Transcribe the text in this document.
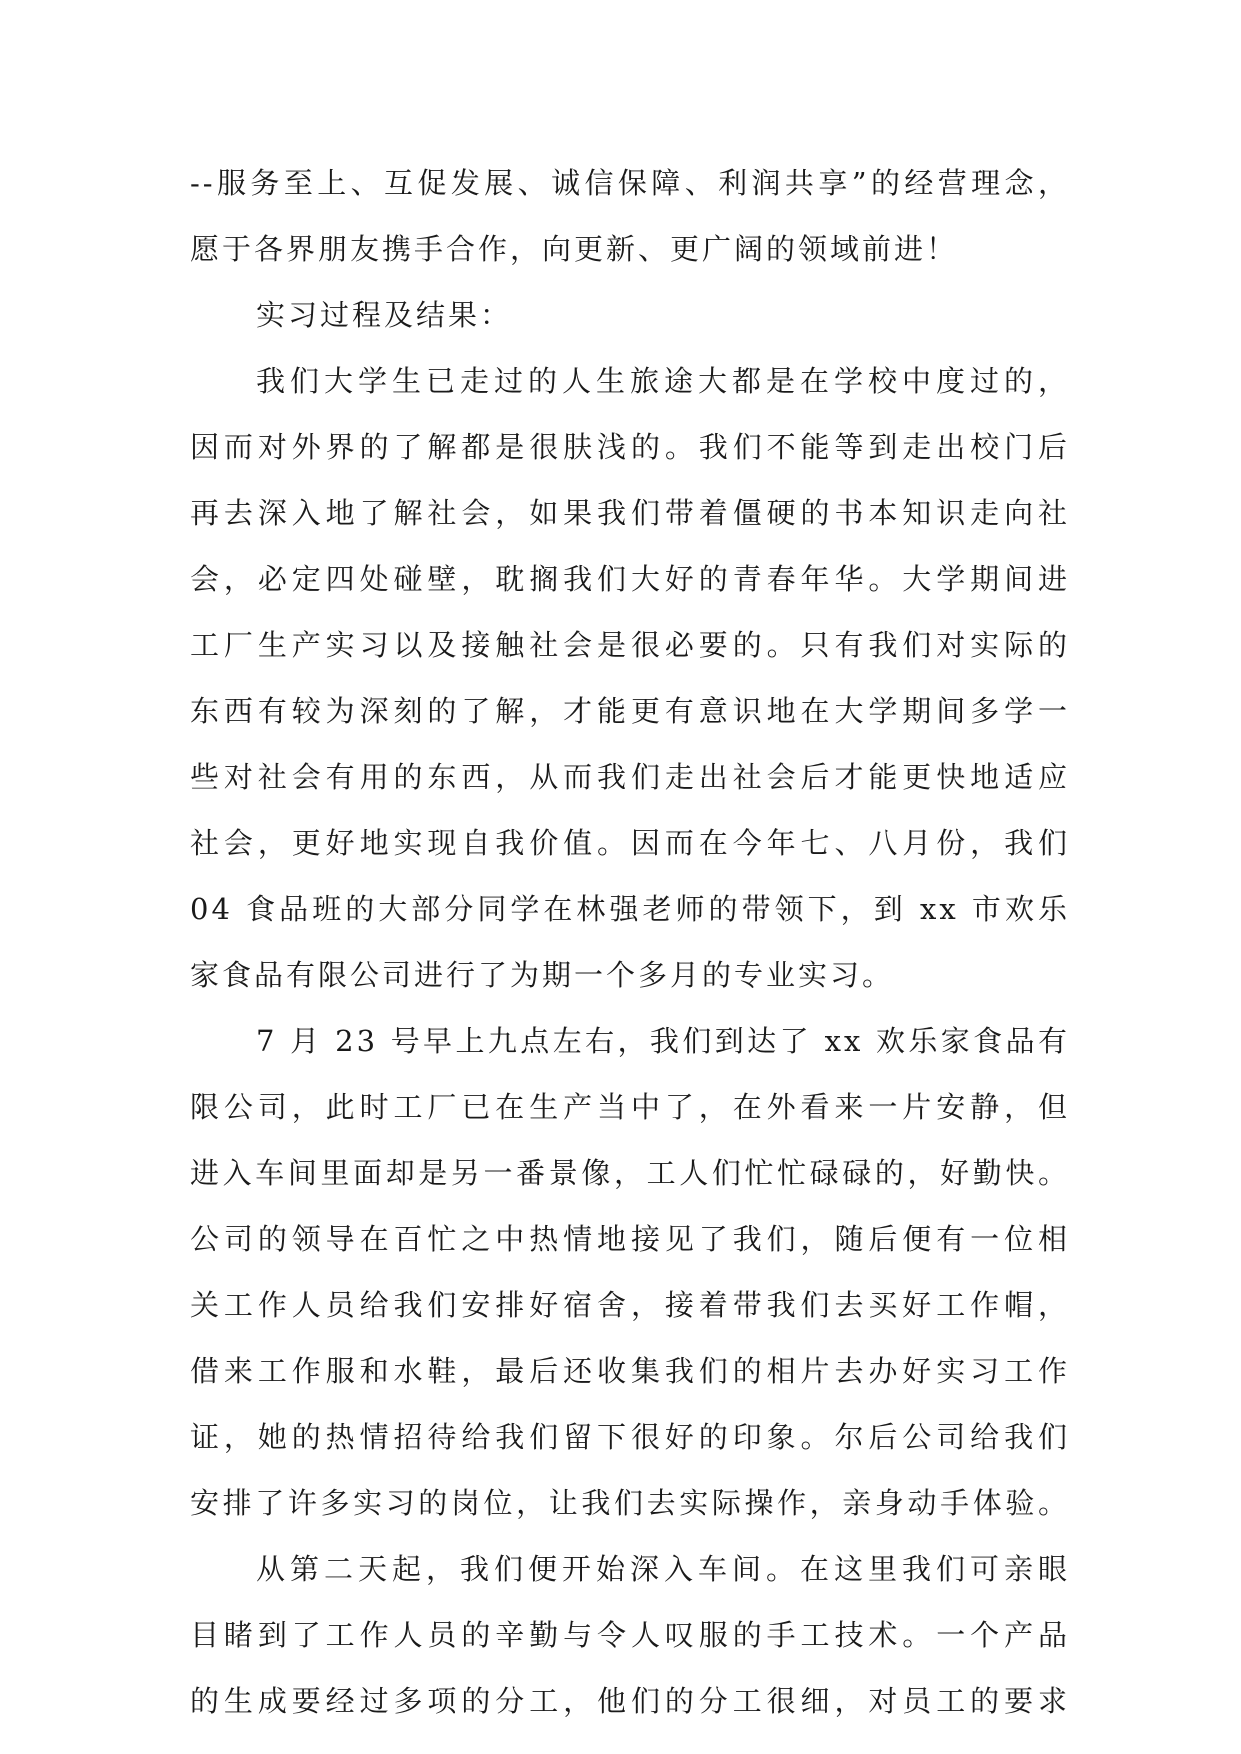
--服务至上、互促发展、诚信保障、利润共享”的经营理念，
愿于各界朋友携手合作，向更新、更广阔的领域前进！
实习过程及结果：
我们大学生已走过的人生旅途大都是在学校中度过的，
因而对外界的了解都是很肤浅的。我们不能等到走出校门后
再去深入地了解社会，如果我们带着僵硬的书本知识走向社
会，必定四处碰壁，耽搁我们大好的青春年华。大学期间进
工厂生产实习以及接触社会是很必要的。只有我们对实际的
东西有较为深刻的了解，才能更有意识地在大学期间多学一
些对社会有用的东西，从而我们走出社会后才能更快地适应
社会，更好地实现自我价值。因而在今年七、八月份，我们
04 食品班的大部分同学在林强老师的带领下，到 xx 市欢乐
家食品有限公司进行了为期一个多月的专业实习。
7 月 23 号早上九点左右，我们到达了 xx 欢乐家食品有
限公司，此时工厂已在生产当中了，在外看来一片安静，但
进入车间里面却是另一番景像，工人们忙忙碌碌的，好勤快。
公司的领导在百忙之中热情地接见了我们，随后便有一位相
关工作人员给我们安排好宿舍，接着带我们去买好工作帽，
借来工作服和水鞋，最后还收集我们的相片去办好实习工作
证，她的热情招待给我们留下很好的印象。尔后公司给我们
安排了许多实习的岗位，让我们去实际操作，亲身动手体验。
从第二天起，我们便开始深入车间。在这里我们可亲眼
目睹到了工作人员的辛勤与令人叹服的手工技术。一个产品
的生成要经过多项的分工，他们的分工很细，对员工的要求
